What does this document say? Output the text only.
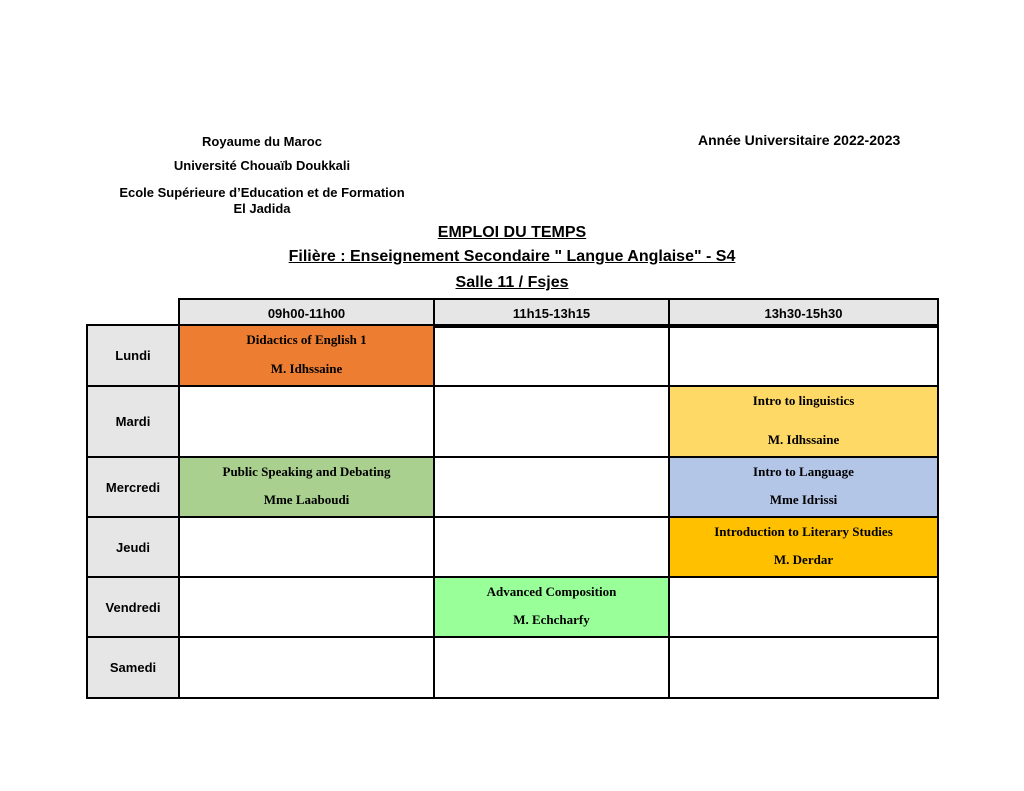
Royaume du Maroc
Université Chouaïb Doukkali
Ecole Supérieure d’Education et de Formation
El Jadida
Année Universitaire 2022-2023
EMPLOI DU TEMPS
Filière : Enseignement Secondaire " Langue Anglaise" - S4
Salle 11 / Fsjes
09h00-11h00	11h15-13h15	13h30-15h30
Lundi
Didactics of English 1
M. Idhssaine
Mardi
Intro to linguistics
M. Idhssaine
Mercredi
Public Speaking and Debating
Mme Laaboudi
Intro to Language
Mme Idrissi
Jeudi
Introduction to Literary Studies
M. Derdar
Vendredi
Advanced Composition
M. Echcharfy
Samedi
